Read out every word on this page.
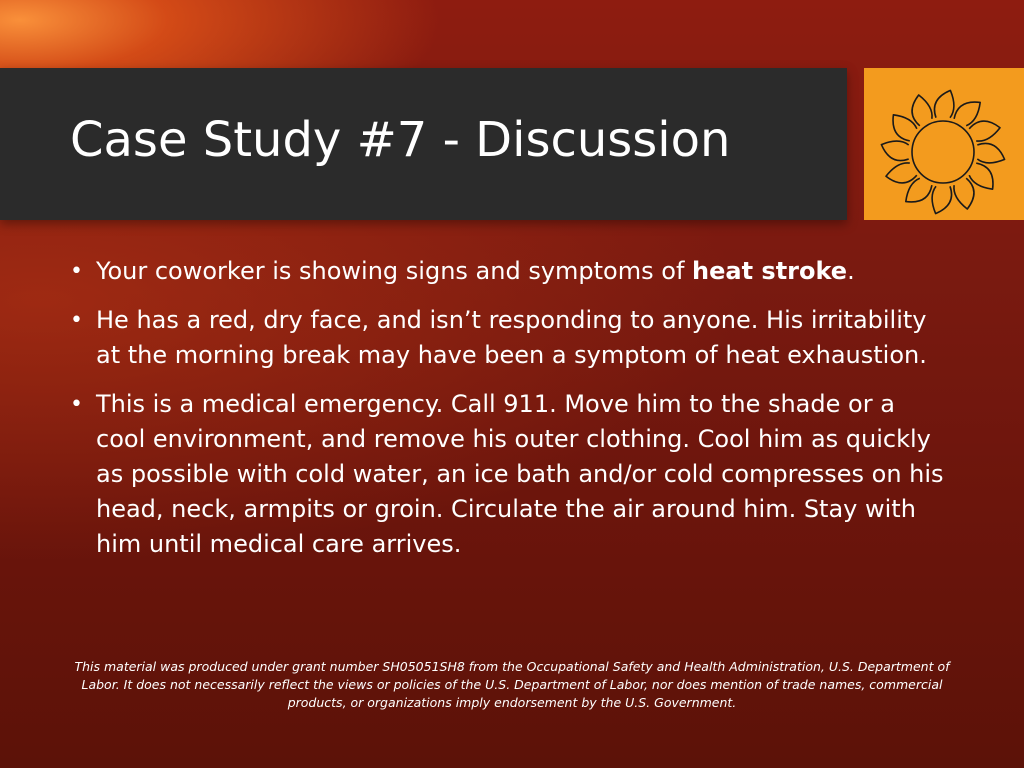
Case Study #7 - Discussion
• Your coworker is showing signs and symptoms of heat stroke.
• He has a red, dry face, and isn’t responding to anyone. His irritability at the morning break may have been a symptom of heat exhaustion.
• This is a medical emergency. Call 911. Move him to the shade or a cool environment, and remove his outer clothing. Cool him as quickly as possible with cold water, an ice bath and/or cold compresses on his head, neck, armpits or groin. Circulate the air around him. Stay with him until medical care arrives.

This material was produced under grant number SH05051SH8 from the Occupational Safety and Health Administration, U.S. Department of Labor. It does not necessarily reflect the views or policies of the U.S. Department of Labor, nor does mention of trade names, commercial products, or organizations imply endorsement by the U.S. Government.
